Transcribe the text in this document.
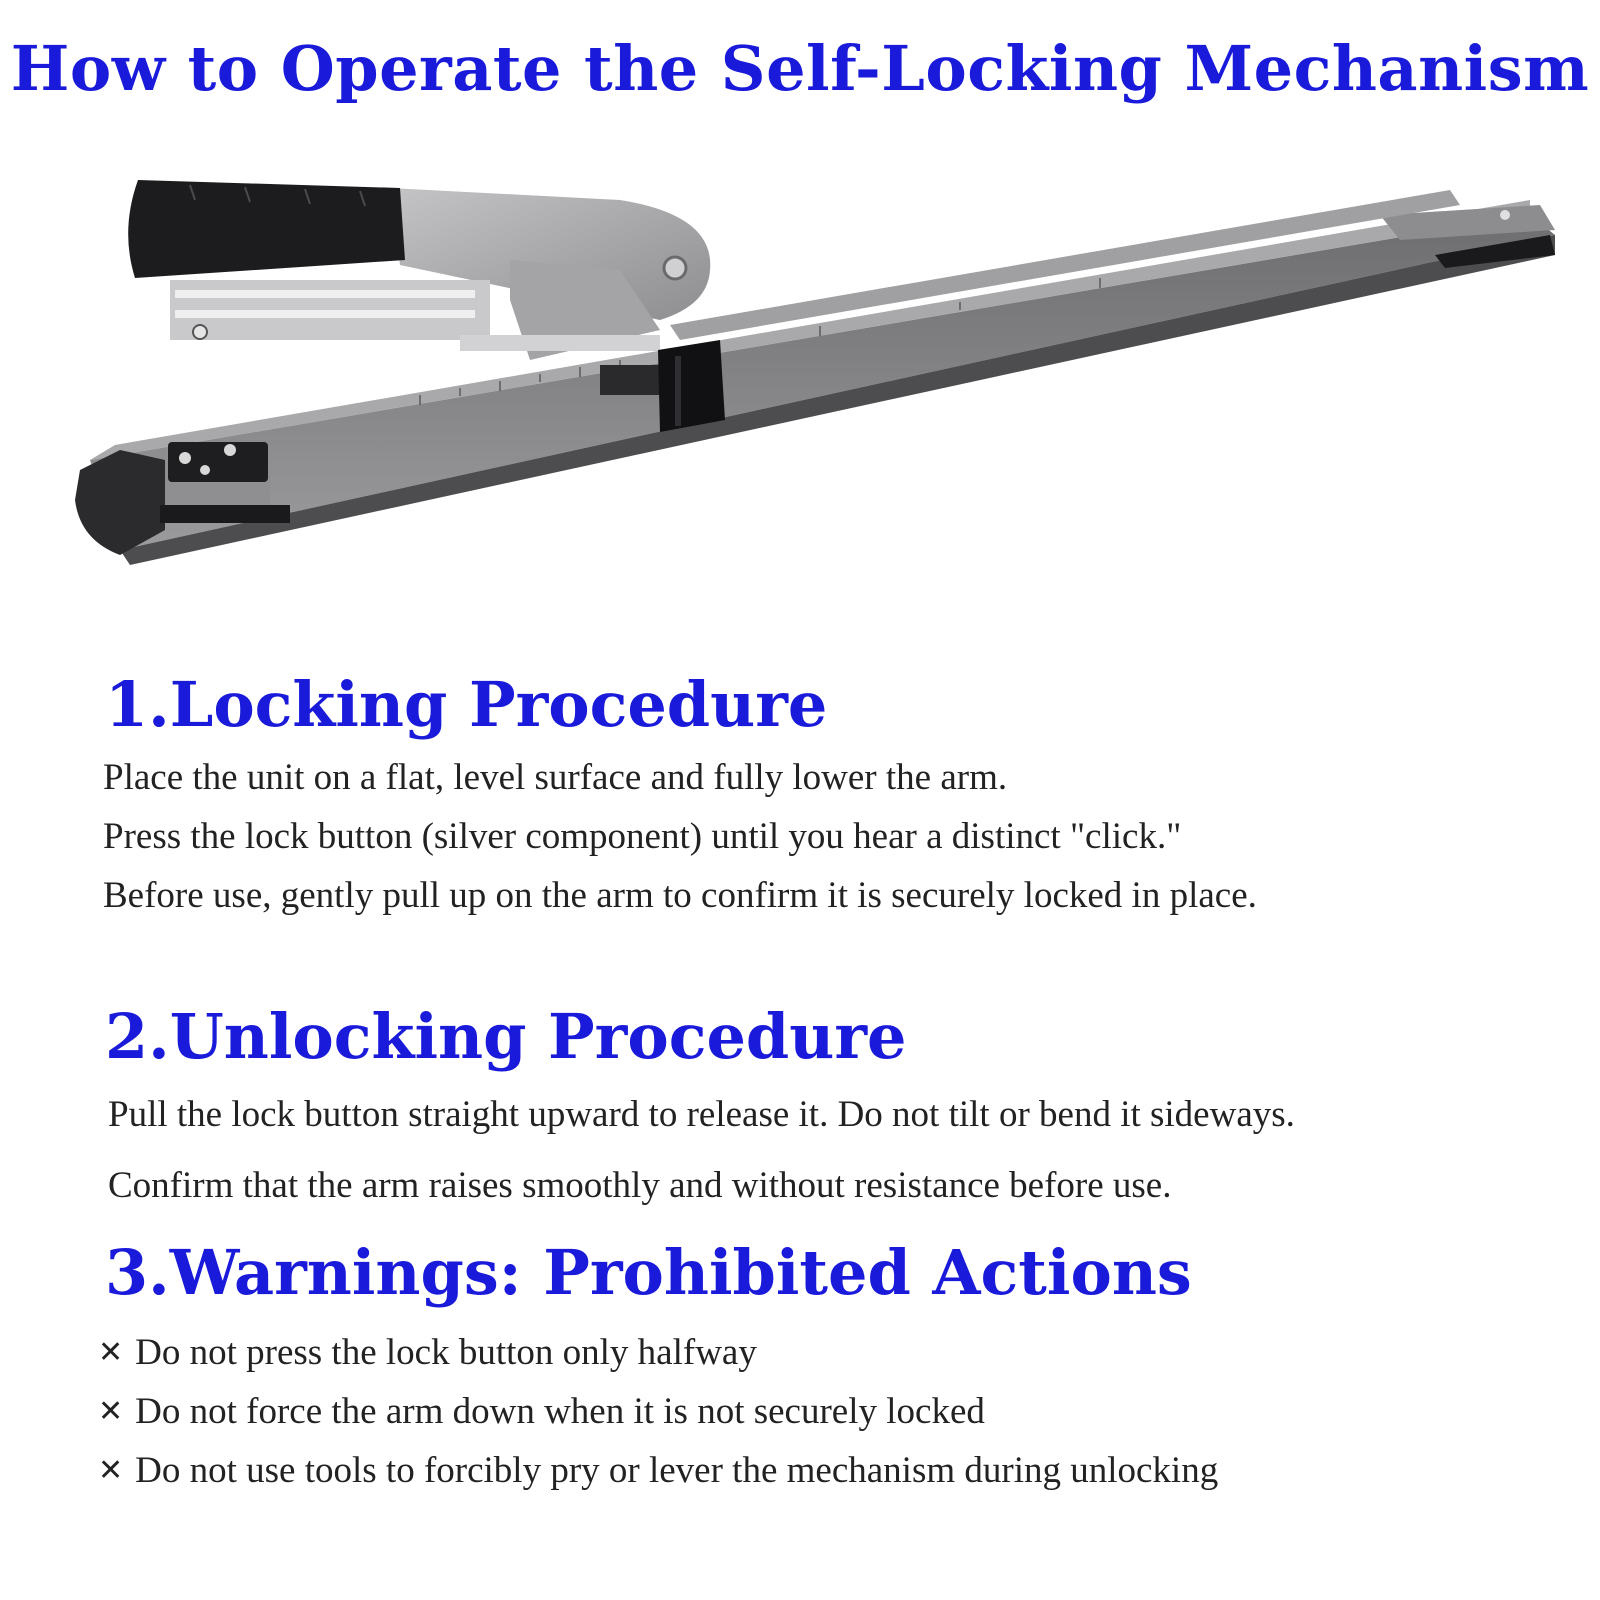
How to Operate the Self-Locking Mechanism
1.Locking Procedure

Place the unit on a flat, level surface and fully lower the arm.

Press the lock button (silver component) until you hear a distinct "click."

Before use, gently pull up on the arm to confirm it is securely locked in place.

2.Unlocking Procedure

Pull the lock button straight upward to release it. Do not tilt or bend it sideways.

Confirm that the arm raises smoothly and without resistance before use.

3.Warnings: Prohibited Actions
✕ Do not press the lock button only halfway
✕ Do not force the arm down when it is not securely locked
✕ Do not use tools to forcibly pry or lever the mechanism during unlocking
